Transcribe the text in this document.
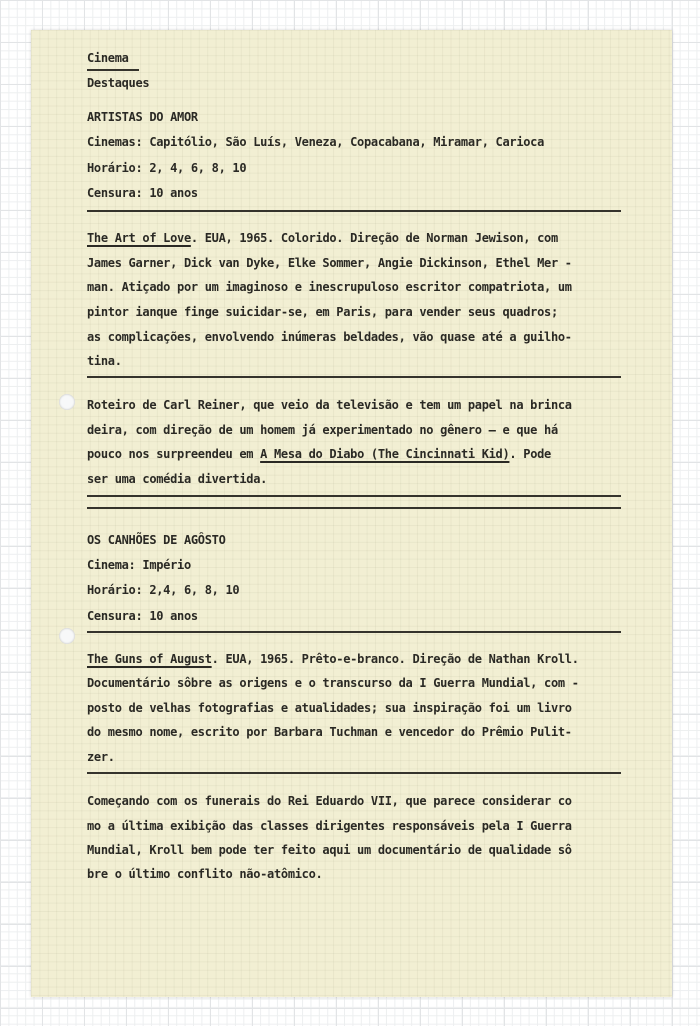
Cinema
Destaques
ARTISTAS DO AMOR
Cinemas: Capitólio, São Luís, Veneza, Copacabana, Miramar, Carioca
Horário: 2, 4, 6, 8, 10
Censura: 10 anos
The Art of Love. EUA, 1965. Colorido. Direção de Norman Jewison, com
James Garner, Dick van Dyke, Elke Sommer, Angie Dickinson, Ethel Mer -
man. Atiçado por um imaginoso e inescrupuloso escritor compatriota, um
pintor ianque finge suicidar-se, em Paris, para vender seus quadros;
as complicações, envolvendo inúmeras beldades, vão quase até a guilho-
tina.
Roteiro de Carl Reiner, que veio da televisão e tem um papel na brinca
deira, com direção de um homem já experimentado no gênero — e que há
pouco nos surpreendeu em A Mesa do Diabo (The Cincinnati Kid). Pode
ser uma comédia divertida.
OS CANHÕES DE AGÔSTO
Cinema: Império
Horário: 2,4, 6, 8, 10
Censura: 10 anos
The Guns of August. EUA, 1965. Prêto-e-branco. Direção de Nathan Kroll.
Documentário sôbre as origens e o transcurso da I Guerra Mundial, com -
posto de velhas fotografias e atualidades; sua inspiração foi um livro
do mesmo nome, escrito por Barbara Tuchman e vencedor do Prêmio Pulit-
zer.
Começando com os funerais do Rei Eduardo VII, que parece considerar co
mo a última exibição das classes dirigentes responsáveis pela I Guerra
Mundial, Kroll bem pode ter feito aqui um documentário de qualidade sô
bre o último conflito não-atômico.
